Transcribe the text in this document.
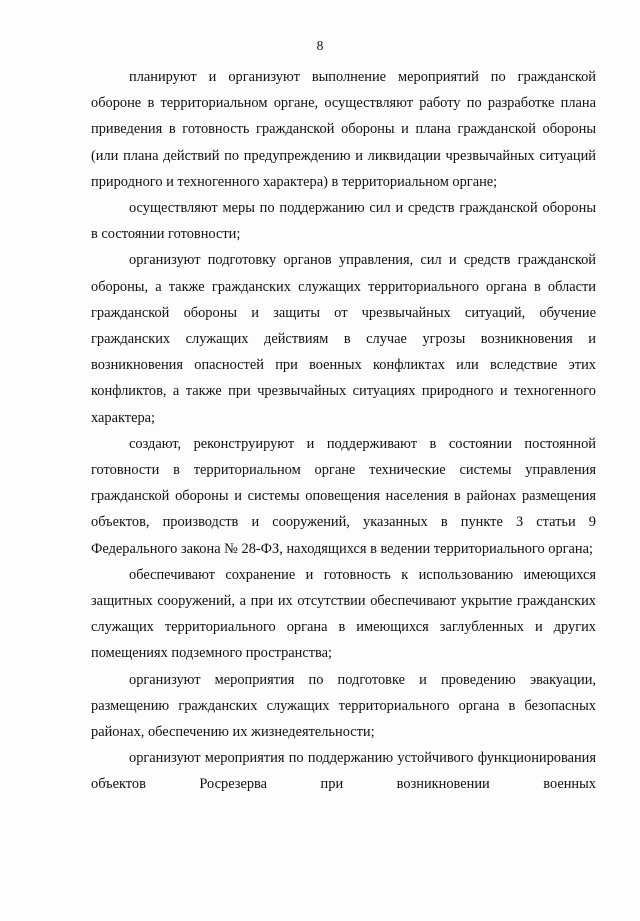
8

планируют и организуют выполнение мероприятий по гражданской обороне в территориальном органе, осуществляют работу по разработке плана приведения в готовность гражданской обороны и плана гражданской обороны (или плана действий по предупреждению и ликвидации чрезвычайных ситуаций природного и техногенного характера) в территориальном органе;

осуществляют меры по поддержанию сил и средств гражданской обороны в состоянии готовности;

организуют подготовку органов управления, сил и средств гражданской обороны, а также гражданских служащих территориального органа в области гражданской обороны и защиты от чрезвычайных ситуаций, обучение гражданских служащих действиям в случае угрозы возникновения и возникновения опасностей при военных конфликтах или вследствие этих конфликтов, а также при чрезвычайных ситуациях природного и техногенного характера;

создают, реконструируют и поддерживают в состоянии постоянной готовности в территориальном органе технические системы управления гражданской обороны и системы оповещения населения в районах размещения объектов, производств и сооружений, указанных в пункте 3 статьи 9 Федерального закона № 28-ФЗ, находящихся в ведении территориального органа;

обеспечивают сохранение и готовность к использованию имеющихся защитных сооружений, а при их отсутствии обеспечивают укрытие гражданских служащих территориального органа в имеющихся заглубленных и других помещениях подземного пространства;

организуют мероприятия по подготовке и проведению эвакуации, размещению гражданских служащих территориального органа в безопасных районах, обеспечению их жизнедеятельности;

организуют мероприятия по поддержанию устойчивого функционирования объектов Росрезерва при возникновении военных
